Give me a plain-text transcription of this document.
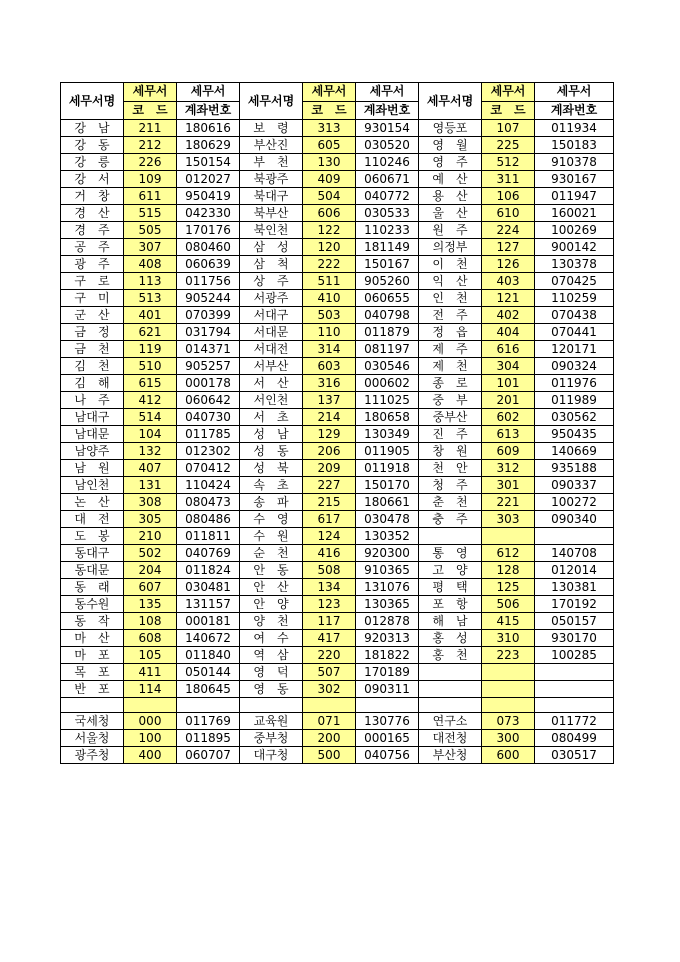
세무서명	세무서	세무서	세무서명	세무서	세무서	세무서명	세무서	세무서
	코　드	계좌번호		코　드	계좌번호		코　드	계좌번호
강　남	211	180616	보　령	313	930154	영등포	107	011934
강　동	212	180629	부산진	605	030520	영　월	225	150183
강　릉	226	150154	부　천	130	110246	영　주	512	910378
강　서	109	012027	북광주	409	060671	예　산	311	930167
거　창	611	950419	북대구	504	040772	용　산	106	011947
경　산	515	042330	북부산	606	030533	울　산	610	160021
경　주	505	170176	북인천	122	110233	원　주	224	100269
공　주	307	080460	삼　성	120	181149	의정부	127	900142
광　주	408	060639	삼　척	222	150167	이　천	126	130378
구　로	113	011756	상　주	511	905260	익　산	403	070425
구　미	513	905244	서광주	410	060655	인　천	121	110259
군　산	401	070399	서대구	503	040798	전　주	402	070438
금　정	621	031794	서대문	110	011879	정　읍	404	070441
금　천	119	014371	서대전	314	081197	제　주	616	120171
김　천	510	905257	서부산	603	030546	제　천	304	090324
김　해	615	000178	서　산	316	000602	종　로	101	011976
나　주	412	060642	서인천	137	111025	중　부	201	011989
남대구	514	040730	서　초	214	180658	중부산	602	030562
남대문	104	011785	성　남	129	130349	진　주	613	950435
남양주	132	012302	성　동	206	011905	창　원	609	140669
남　원	407	070412	성　북	209	011918	천　안	312	935188
남인천	131	110424	속　초	227	150170	청　주	301	090337
논　산	308	080473	송　파	215	180661	춘　천	221	100272
대　전	305	080486	수　영	617	030478	충　주	303	090340
도　봉	210	011811	수　원	124	130352			
동대구	502	040769	순　천	416	920300	통　영	612	140708
동대문	204	011824	안　동	508	910365	고　양	128	012014
동　래	607	030481	안　산	134	131076	평　택	125	130381
동수원	135	131157	안　양	123	130365	포　항	506	170192
동　작	108	000181	양　천	117	012878	해　남	415	050157
마　산	608	140672	여　수	417	920313	홍　성	310	930170
마　포	105	011840	역　삼	220	181822	홍　천	223	100285
목　포	411	050144	영　덕	507	170189			
반　포	114	180645	영　동	302	090311			

국세청	000	011769	교육원	071	130776	연구소	073	011772
서울청	100	011895	중부청	200	000165	대전청	300	080499
광주청	400	060707	대구청	500	040756	부산청	600	030517
